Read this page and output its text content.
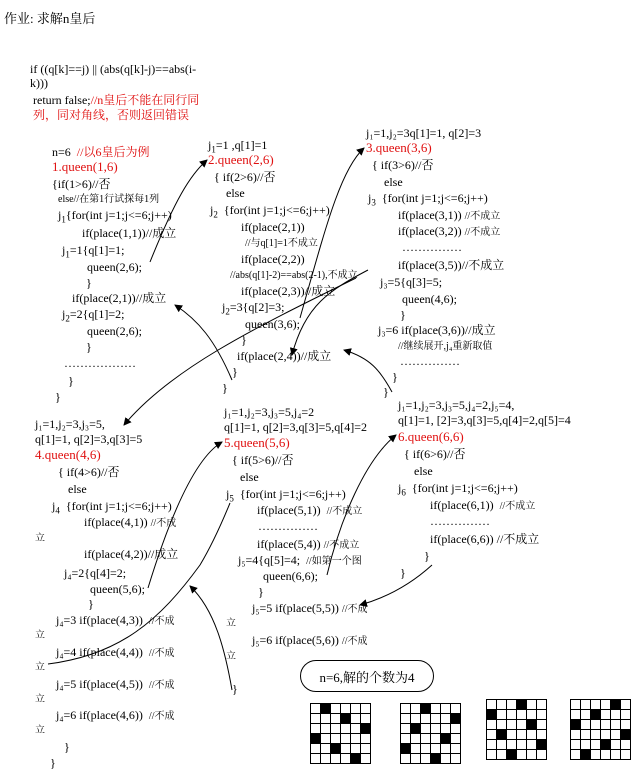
作业: 求解n皇后
if ((q[k]==j) || (abs(q[k]-j)==abs(i-
k)))
return false;//n皇后不能在同行同
列，同对角线，否则返回错误
n=6 //以6皇后为例
1.queen(1,6)
{if(1>6)//否
else//在第1行试探每1列
$j_1\{for(int$ j=1;j<=6;j++)
if(place(1,1))//成立
$j_1=1\{q[1]=1$;
queen(2,6);
}
if(place(2,1))//成立
$j_2=2\{q[1]=2$;
queen(2,6);
}
………………
}
}
$j_1=1$ ,q[1]=1
2.queen(2,6)
{ if(2>6)//否
else
$j_2$ {for(int j=1;j<=6;j++)
if(place(2,1))
//与q[1]=1不成立
if(place(2,2))
//abs(q[1]-2)==abs(2-1),不成立
if(place(2,3))//成立
$j_2=3\{q[2]=3$;
queen(3,6);
}
if(place(2,4))//成立
}
}
j₁=1,j₂=3q[1]=1, q[2]=3
3.queen(3,6)
{ if(3>6)//否
else
$j_3$ {for(int j=1;j<=6;j++)
if(place(3,1)) //不成立
if(place(3,2)) //不成立
……………
if(place(3,5))//不成立
j₃=5{q[3]=5;
queen(4,6);
}
j₃=6 if(place(3,6))//成立
//继续展开,j₄重新取值
……………
}
}
j₁=1,j₂=3,j₃=5,
q[1]=1, q[2]=3,q[3]=5
4.queen(4,6)
{ if(4>6)//否
else
$j_4$ {for(int j=1;j<=6;j++)
if(place(4,1)) //不成
立
if(place(4,2))//成立
j₄=2{q[4]=2;
queen(5,6);
}
j₄=3 if(place(4,3)) //不成
立
j₄=4 if(place(4,4)) //不成
立
j₄=5 if(place(4,5)) //不成
立
j₄=6 if(place(4,6)) //不成
立
}
}
j₁=1,j₂=3,j₃=5,j₄=2
q[1]=1, q[2]=3,q[3]=5,q[4]=2
5.queen(5,6)
{ if(5>6)//否
else
$j_5$ {for(int j=1;j<=6;j++)
if(place(5,1)) //不成立
……………
if(place(5,4)) //不成立
j₅=4{q[5]=4; //如第一个图
queen(6,6);
}
j₅=5 if(place(5,5)) //不成
立
j₅=6 if(place(5,6)) //不成
立
}
j₁=1,j₂=3,j₃=5,j₄=2,j₅=4,
q[1]=1, [2]=3,q[3]=5,q[4]=2,q[5]=4
6.queen(6,6)
{ if(6>6)//否
else
$j_6$ {for(int j=1;j<=6;j++)
if(place(6,1)) //不成立
……………
if(place(6,6)) //不成立
}
}
n=6,解的个数为4
